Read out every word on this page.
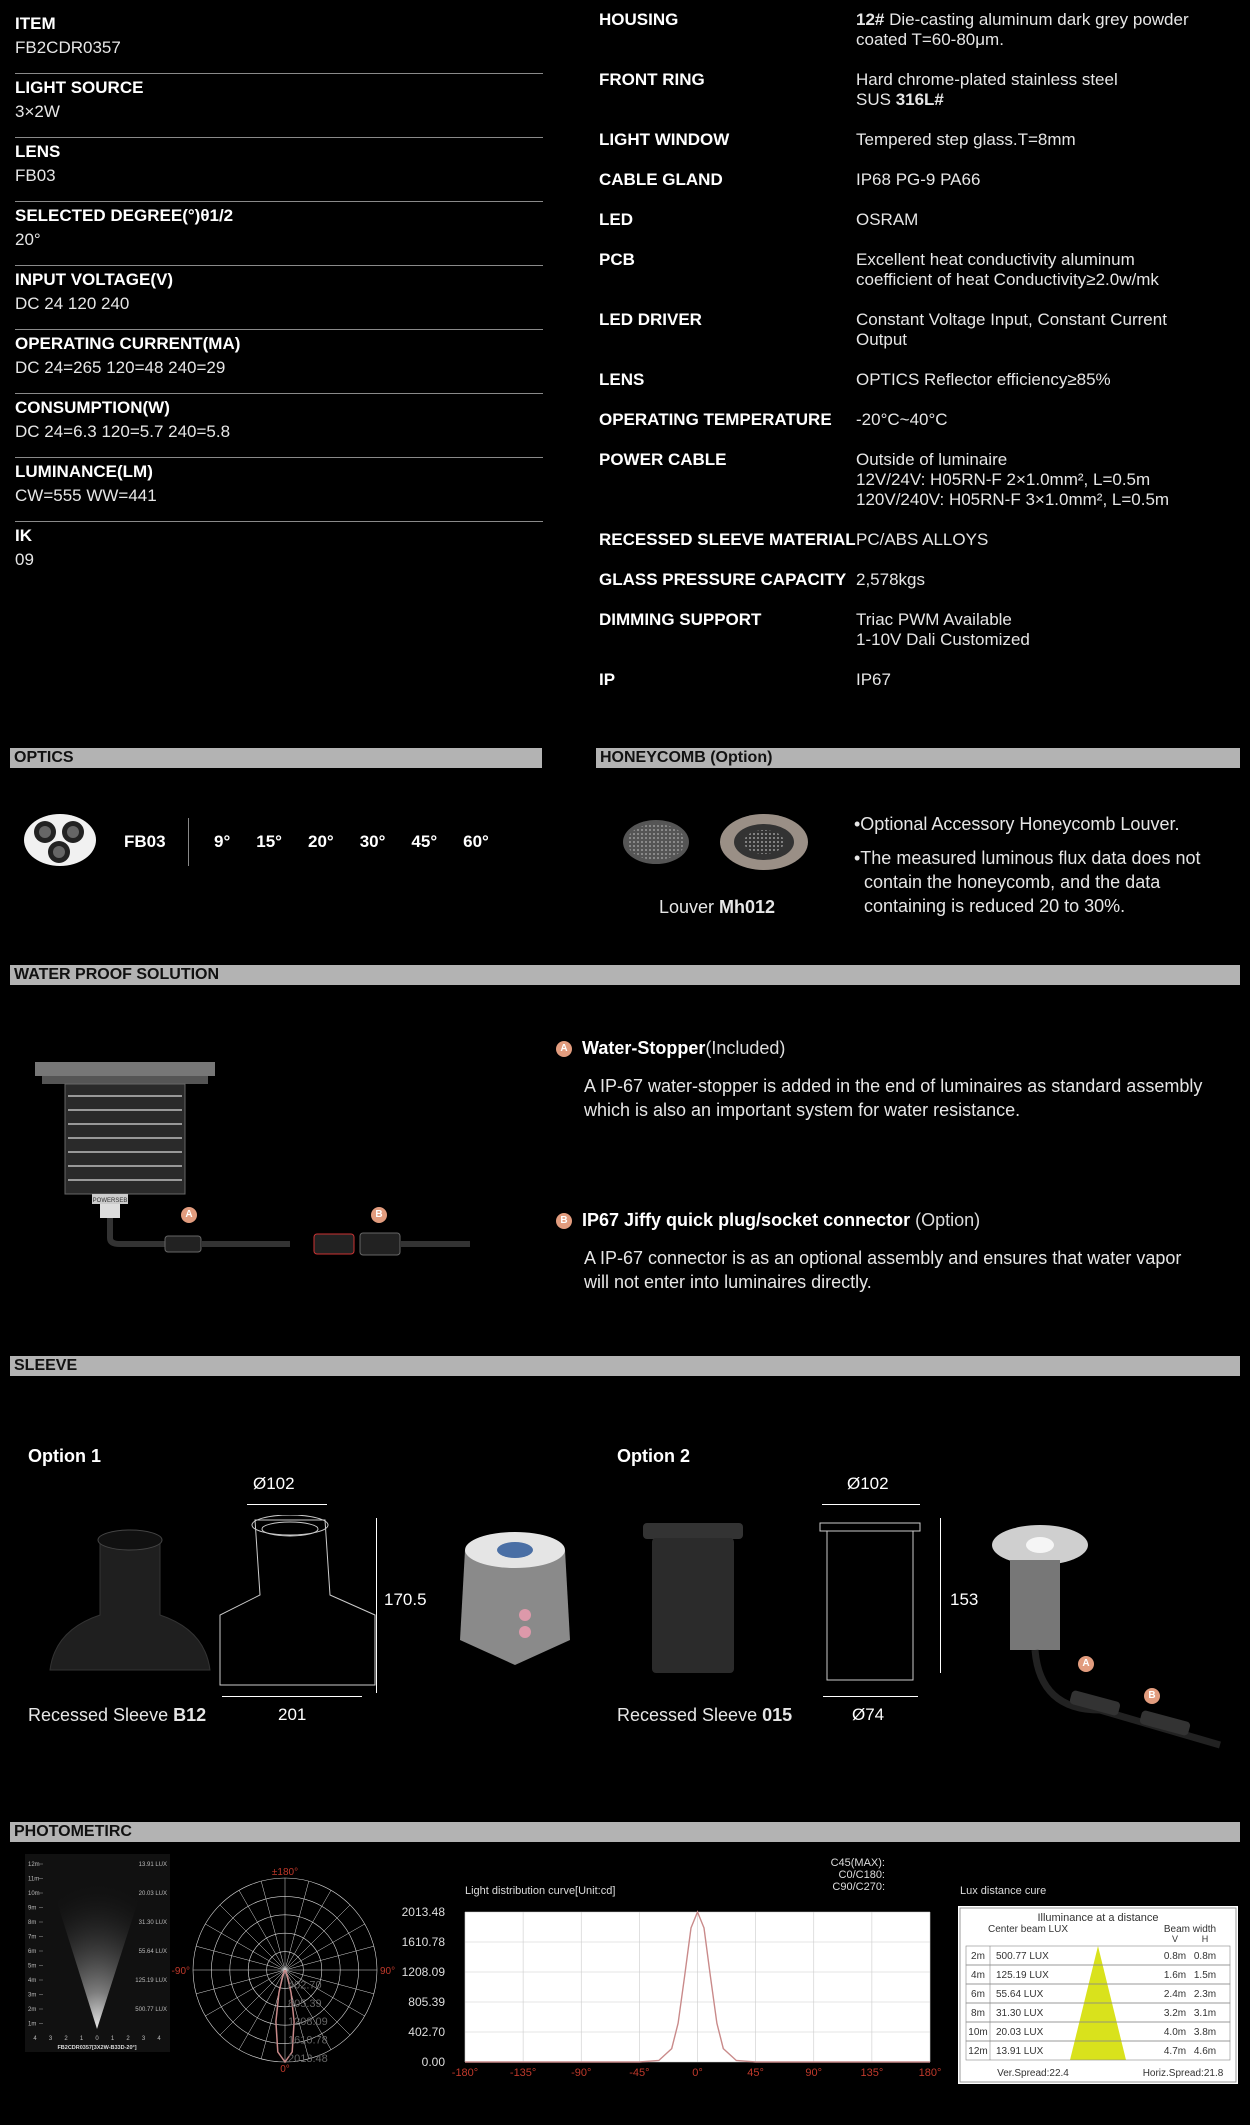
ITEM
FB2CDR0357
LIGHT SOURCE
3×2W
LENS
FB03
SELECTED DEGREE(°)θ1/2
20°
INPUT VOLTAGE(V)
DC 24 120 240
OPERATING CURRENT(MA)
DC 24=265 120=48 240=29
CONSUMPTION(W)
DC 24=6.3 120=5.7 240=5.8
LUMINANCE(LM)
CW=555 WW=441
IK
09
HOUSING	12# Die-casting aluminum dark grey powder
coated T=60-80μm.
FRONT RING	Hard chrome-plated stainless steel
SUS 316L#
LIGHT WINDOW	Tempered step glass.T=8mm
CABLE GLAND	IP68 PG-9 PA66
LED	OSRAM
PCB	Excellent heat conductivity aluminum
coefficient of heat Conductivity≥2.0w/mk
LED DRIVER	Constant Voltage Input, Constant Current
Output
LENS	OPTICS Reflector efficiency≥85%
OPERATING TEMPERATURE -20°C~40°C
POWER CABLE	Outside of luminaire
12V/24V: H05RN-F 2×1.0mm², L=0.5m
120V/240V: H05RN-F 3×1.0mm², L=0.5m
RECESSED SLEEVE MATERIAL PC/ABS ALLOYS
GLASS PRESSURE CAPACITY 2,578kgs
DIMMING SUPPORT	Triac PWM Available
1-10V Dali Customized
IP	IP67
OPTICS	HONEYCOMB (Option)
FB03	9° 15° 20° 30° 45° 60°
Louver Mh012
•Optional Accessory Honeycomb Louver.
•The measured luminous flux data does not
contain the honeycomb, and the data
containing is reduced 20 to 30%.
WATER PROOF SOLUTION
POWERSEB
A	B
A Water-Stopper(Included)
A IP-67 water-stopper is added in the end of luminaires as standard assembly
which is also an important system for water resistance.
B IP67 Jiffy quick plug/socket connector (Option)
A IP-67 connector is as an optional assembly and ensures that water vapor
will not enter into luminaires directly.
SLEEVE
Option 1
Ø102
170.5
201
Recessed Sleeve B12
Option 2
Ø102
153
Ø74
Recessed Sleeve 015
A
B
PHOTOMETIRC
12m
11m
10m
9m
8m
7m
6m
5m
4m
3m
2m
1m
13.91 LUX
20.03 LUX
31.30 LUX
55.64 LUX
125.19 LUX
500.77 LUX
4 3 2 1 0 1 2 3 4
FB2CDR0357[3X2W-B33D-20°]
±180°
-90°	90°
0°
402.70
805.39
1208.09
1610.78
2013.48
Light distribution curve[Unit:cd]
C45(MAX):
C0/C180:
C90/C270:
2013.48
1610.78
1208.09
805.39
402.70
0.00
-180°	-135°	-90°	-45°	0°	45°	90°	135°	180°
Lux distance cure
Illuminance at a distance
Center beam LUX	Beam width
V	H
2m 500.77 LUX	0.8m 0.8m
4m 125.19 LUX	1.6m 1.5m
6m 55.64 LUX	2.4m 2.3m
8m 31.30 LUX	3.2m 3.1m
10m 20.03 LUX	4.0m 3.8m
12m 13.91 LUX	4.7m 4.6m
Ver.Spread:22.4	Horiz.Spread:21.8
